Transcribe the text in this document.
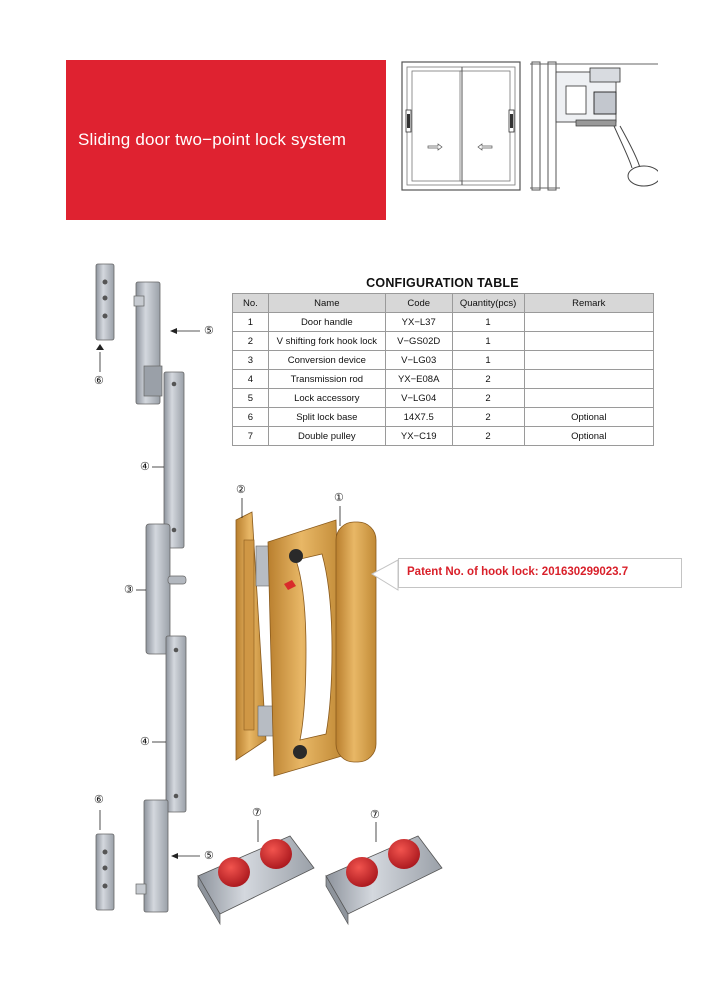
Sliding door two−point lock system
CONFIGURATION TABLE
No.	Name	Code	Quantity(pcs)	Remark
1	Door handle	YX−L37	1	
2	V shifting fork hook lock	V−GS02D	1	
3	Conversion device	V−LG03	1	
4	Transmission rod	YX−E08A	2	
5	Lock accessory	V−LG04	2	
6	Split lock base	14X7.5	2	Optional
7	Double pulley	YX−C19	2	Optional
⑥
⑤
④
③
④
⑥
⑤
②
①
⑦	⑦
Patent No. of hook lock: 201630299023.7
